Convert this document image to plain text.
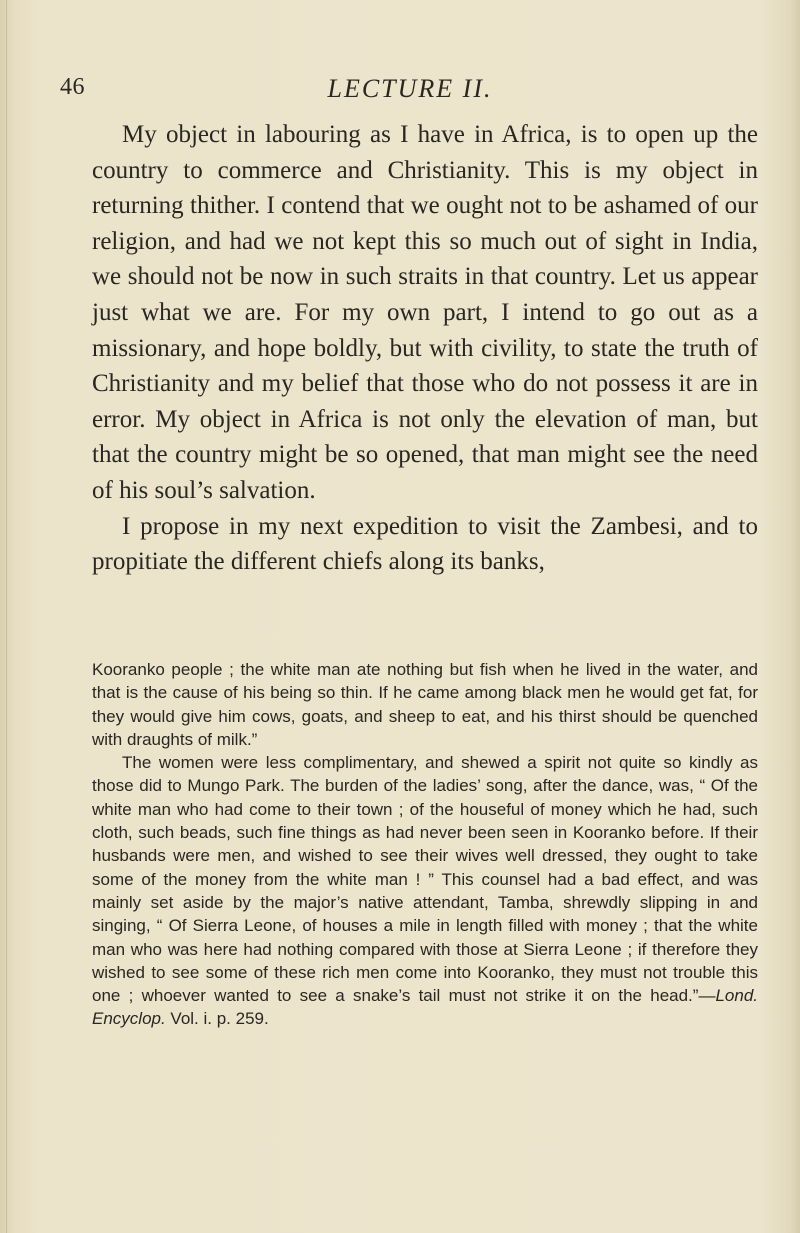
46	LECTURE II.

My object in labouring as I have in Africa, is to open up the country to commerce and Christianity. This is my object in returning thither. I contend that we ought not to be ashamed of our religion, and had we not kept this so much out of sight in India, we should not be now in such straits in that country. Let us appear just what we are. For my own part, I intend to go out as a missionary, and hope boldly, but with civility, to state the truth of Christianity and my belief that those who do not possess it are in error. My object in Africa is not only the elevation of man, but that the country might be so opened, that man might see the need of his soul’s salvation.

I propose in my next expedition to visit the Zambesi, and to propitiate the different chiefs along its banks,

Kooranko people ; the white man ate nothing but fish when he lived in the water, and that is the cause of his being so thin. If he came among black men he would get fat, for they would give him cows, goats, and sheep to eat, and his thirst should be quenched with draughts of milk.”

The women were less complimentary, and shewed a spirit not quite so kindly as those did to Mungo Park. The burden of the ladies’ song, after the dance, was, “ Of the white man who had come to their town ; of the houseful of money which he had, such cloth, such beads, such fine things as had never been seen in Kooranko before. If their husbands were men, and wished to see their wives well dressed, they ought to take some of the money from the white man ! ” This counsel had a bad effect, and was mainly set aside by the major’s native attendant, Tamba, shrewdly slipping in and singing, “ Of Sierra Leone, of houses a mile in length filled with money ; that the white man who was here had nothing compared with those at Sierra Leone ; if therefore they wished to see some of these rich men come into Kooranko, they must not trouble this one ; whoever wanted to see a snake’s tail must not strike it on the head.”—Lond. Encyclop. Vol. i. p. 259.
